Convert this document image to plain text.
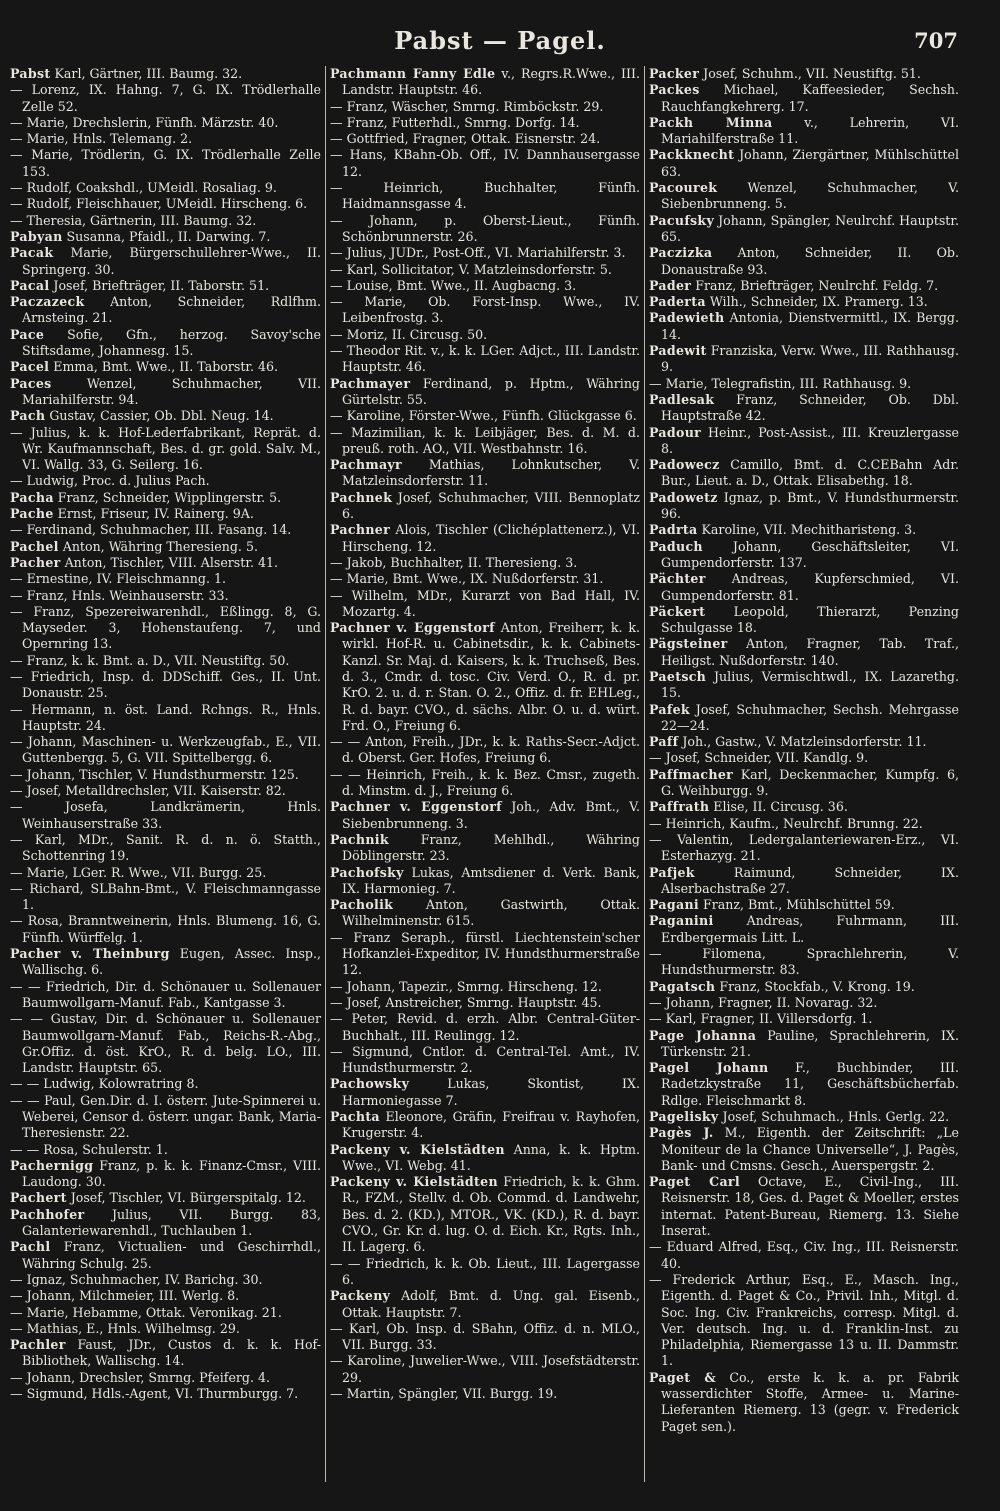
Pabst — Pagel.	707
Pabst Karl, Gärtner, III. Baumg. 32.
— Lorenz, IX. Hahng. 7, G. IX. Trödlerhalle Zelle 52.
— Marie, Drechslerin, Fünfh. Märzstr. 40.
— Marie, Hnls. Telemang. 2.
— Marie, Trödlerin, G. IX. Trödlerhalle Zelle 153.
— Rudolf, Coakshdl., UMeidl. Rosaliag. 9.
— Rudolf, Fleischhauer, UMeidl. Hirscheng. 6.
— Theresia, Gärtnerin, III. Baumg. 32.
Pabyan Susanna, Pfaidl., II. Darwing. 7.
Pacak Marie, Bürgerschullehrer-Wwe., II. Springerg. 30.
Pacal Josef, Briefträger, II. Taborstr. 51.
Paczazeck Anton, Schneider, Rdlfhm. Arnsteing. 21.
Pace Sofie, Gfn., herzog. Savoy'sche Stiftsdame, Johannesg. 15.
Pacel Emma, Bmt. Wwe., II. Taborstr. 46.
Paces Wenzel, Schuhmacher, VII. Mariahilferstr. 94.
Pach Gustav, Cassier, Ob. Dbl. Neug. 14.
— Julius, k. k. Hof-Lederfabrikant, Reprät. d. Wr. Kaufmannschaft, Bes. d. gr. gold. Salv. M., VI. Wallg. 33, G. Seilerg. 16.
— Ludwig, Proc. d. Julius Pach.
Pacha Franz, Schneider, Wipplingerstr. 5.
Pache Ernst, Friseur, IV. Rainerg. 9A.
— Ferdinand, Schuhmacher, III. Fasang. 14.
Pachel Anton, Währing Theresieng. 5.
Pacher Anton, Tischler, VIII. Alserstr. 41.
— Ernestine, IV. Fleischmanng. 1.
— Franz, Hnls. Weinhauserstr. 33.
— Franz, Spezereiwarenhdl., Eßlingg. 8, G. Mayseder. 3, Hohenstaufeng. 7, und Opernring 13.
— Franz, k. k. Bmt. a. D., VII. Neustiftg. 50.
— Friedrich, Insp. d. DDSchiff. Ges., II. Unt. Donaustr. 25.
— Hermann, n. öst. Land. Rchngs. R., Hnls. Hauptstr. 24.
— Johann, Maschinen- u. Werkzeugfab., E., VII. Guttenbergg. 5, G. VII. Spittelbergg. 6.
— Johann, Tischler, V. Hundsthurmerstr. 125.
— Josef, Metalldrechsler, VII. Kaiserstr. 82.
— Josefa, Landkrämerin, Hnls. Weinhauserstraße 33.
— Karl, MDr., Sanit. R. d. n. ö. Statth., Schottenring 19.
— Marie, LGer. R. Wwe., VII. Burgg. 25.
— Richard, SLBahn-Bmt., V. Fleischmanngasse 1.
— Rosa, Branntweinerin, Hnls. Blumeng. 16, G. Fünfh. Würffelg. 1.
Pacher v. Theinburg Eugen, Assec. Insp., Wallischg. 6.
— — Friedrich, Dir. d. Schönauer u. Sollenauer Baumwollgarn-Manuf. Fab., Kantgasse 3.
— — Gustav, Dir. d. Schönauer u. Sollenauer Baumwollgarn-Manuf. Fab., Reichs-R.-Abg., Gr.Offiz. d. öst. KrO., R. d. belg. LO., III. Landstr. Hauptstr. 65.
— — Ludwig, Kolowratring 8.
— — Paul, Gen.Dir. d. I. österr. Jute-Spinnerei u. Weberei, Censor d. österr. ungar. Bank, Maria-Theresienstr. 22.
— — Rosa, Schulerstr. 1.
Pachernigg Franz, p. k. k. Finanz-Cmsr., VIII. Laudong. 30.
Pachert Josef, Tischler, VI. Bürgerspitalg. 12.
Pachhofer Julius, VII. Burgg. 83, Galanteriewarenhdl., Tuchlauben 1.
Pachl Franz, Victualien- und Geschirrhdl., Währing Schulg. 25.
— Ignaz, Schuhmacher, IV. Barichg. 30.
— Johann, Milchmeier, III. Werlg. 8.
— Marie, Hebamme, Ottak. Veronikag. 21.
— Mathias, E., Hnls. Wilhelmsg. 29.
Pachler Faust, JDr., Custos d. k. k. Hof-Bibliothek, Wallischg. 14.
— Johann, Drechsler, Smrng. Pfeiferg. 4.
— Sigmund, Hdls.-Agent, VI. Thurmburgg. 7.
Pachmann Fanny Edle v., Regrs.R.Wwe., III. Landstr. Hauptstr. 46.
— Franz, Wäscher, Smrng. Rimböckstr. 29.
— Franz, Futterhdl., Smrng. Dorfg. 14.
— Gottfried, Fragner, Ottak. Eisnerstr. 24.
— Hans, KBahn-Ob. Off., IV. Dannhausergasse 12.
— Heinrich, Buchhalter, Fünfh. Haidmannsgasse 4.
— Johann, p. Oberst-Lieut., Fünfh. Schönbrunnerstr. 26.
— Julius, JUDr., Post-Off., VI. Mariahilferstr. 3.
— Karl, Sollicitator, V. Matzleinsdorferstr. 5.
— Louise, Bmt. Wwe., II. Augbacng. 3.
— Marie, Ob. Forst-Insp. Wwe., IV. Leibenfrostg. 3.
— Moriz, II. Circusg. 50.
— Theodor Rit. v., k. k. LGer. Adjct., III. Landstr. Hauptstr. 46.
Pachmayer Ferdinand, p. Hptm., Währing Gürtelstr. 55.
— Karoline, Förster-Wwe., Fünfh. Glückgasse 6.
— Mazimilian, k. k. Leibjäger, Bes. d. M. d. preuß. roth. AO., VII. Westbahnstr. 16.
Pachmayr Mathias, Lohnkutscher, V. Matzleinsdorferstr. 11.
Pachnek Josef, Schuhmacher, VIII. Bennoplatz 6.
Pachner Alois, Tischler (Clichéplattenerz.), VI. Hirscheng. 12.
— Jakob, Buchhalter, II. Theresieng. 3.
— Marie, Bmt. Wwe., IX. Nußdorferstr. 31.
— Wilhelm, MDr., Kurarzt von Bad Hall, IV. Mozartg. 4.
Pachner v. Eggenstorf Anton, Freiherr, k. k. wirkl. Hof-R. u. Cabinetsdir., k. k. Cabinets-Kanzl. Sr. Maj. d. Kaisers, k. k. Truchseß, Bes. d. 3., Cmdr. d. tosc. Civ. Verd. O., R. d. pr. KrO. 2. u. d. r. Stan. O. 2., Offiz. d. fr. EHLeg., R. d. bayr. CVO., d. sächs. Albr. O. u. d. würt. Frd. O., Freiung 6.
— — Anton, Freih., JDr., k. k. Raths-Secr.-Adjct. d. Oberst. Ger. Hofes, Freiung 6.
— — Heinrich, Freih., k. k. Bez. Cmsr., zugeth. d. Minstm. d. J., Freiung 6.
Pachner v. Eggenstorf Joh., Adv. Bmt., V. Siebenbrunneng. 3.
Pachnik Franz, Mehlhdl., Währing Döblingerstr. 23.
Pachofsky Lukas, Amtsdiener d. Verk. Bank, IX. Harmonieg. 7.
Pacholik Anton, Gastwirth, Ottak. Wilhelminenstr. 615.
— Franz Seraph., fürstl. Liechtenstein'scher Hofkanzlei-Expeditor, IV. Hundsthurmerstraße 12.
— Johann, Tapezir., Smrng. Hirscheng. 12.
— Josef, Anstreicher, Smrng. Hauptstr. 45.
— Peter, Revid. d. erzh. Albr. Central-Güter-Buchhalt., III. Reulingg. 12.
— Sigmund, Cntlor. d. Central-Tel. Amt., IV. Hundsthurmerstr. 2.
Pachowsky Lukas, Skontist, IX. Harmoniegasse 7.
Pachta Eleonore, Gräfin, Freifrau v. Rayhofen, Krugerstr. 4.
Packeny v. Kielstädten Anna, k. k. Hptm. Wwe., VI. Webg. 41.
Packeny v. Kielstädten Friedrich, k. k. Ghm. R., FZM., Stellv. d. Ob. Commd. d. Landwehr, Bes. d. 2. (KD.), MTOR., VK. (KD.), R. d. bayr. CVO., Gr. Kr. d. lug. O. d. Eich. Kr., Rgts. Inh., II. Lagerg. 6.
— — Friedrich, k. k. Ob. Lieut., III. Lagergasse 6.
Packeny Adolf, Bmt. d. Ung. gal. Eisenb., Ottak. Hauptstr. 7.
— Karl, Ob. Insp. d. SBahn, Offiz. d. n. MLO., VII. Burgg. 33.
— Karoline, Juwelier-Wwe., VIII. Josefstädterstr. 29.
— Martin, Spängler, VII. Burgg. 19.
Packer Josef, Schuhm., VII. Neustiftg. 51.
Packes Michael, Kaffeesieder, Sechsh. Rauchfangkehrerg. 17.
Packh Minna v., Lehrerin, VI. Mariahilferstraße 11.
Packknecht Johann, Ziergärtner, Mühlschüttel 63.
Pacourek Wenzel, Schuhmacher, V. Siebenbrunneng. 5.
Pacufsky Johann, Spängler, Neulrchf. Hauptstr. 65.
Paczizka Anton, Schneider, II. Ob. Donaustraße 93.
Pader Franz, Briefträger, Neulrchf. Feldg. 7.
Paderta Wilh., Schneider, IX. Pramerg. 13.
Padewieth Antonia, Dienstvermittl., IX. Bergg. 14.
Padewit Franziska, Verw. Wwe., III. Rathhausg. 9.
— Marie, Telegrafistin, III. Rathhausg. 9.
Padlesak Franz, Schneider, Ob. Dbl. Hauptstraße 42.
Padour Heinr., Post-Assist., III. Kreuzlergasse 8.
Padowecz Camillo, Bmt. d. C.CEBahn Adr. Bur., Lieut. a. D., Ottak. Elisabethg. 18.
Padowetz Ignaz, p. Bmt., V. Hundsthurmerstr. 96.
Padrta Karoline, VII. Mechitharisteng. 3.
Paduch Johann, Geschäftsleiter, VI. Gumpendorferstr. 137.
Pächter Andreas, Kupferschmied, VI. Gumpendorferstr. 81.
Päckert Leopold, Thierarzt, Penzing Schulgasse 18.
Pägsteiner Anton, Fragner, Tab. Traf., Heiligst. Nußdorferstr. 140.
Paetsch Julius, Vermischtwdl., IX. Lazarethg. 15.
Pafek Josef, Schuhmacher, Sechsh. Mehrgasse 22—24.
Paff Joh., Gastw., V. Matzleinsdorferstr. 11.
— Josef, Schneider, VII. Kandlg. 9.
Paffmacher Karl, Deckenmacher, Kumpfg. 6, G. Weihburgg. 9.
Paffrath Elise, II. Circusg. 36.
— Heinrich, Kaufm., Neulrchf. Brunng. 22.
— Valentin, Ledergalanteriewaren-Erz., VI. Esterhazyg. 21.
Pafjek Raimund, Schneider, IX. Alserbachstraße 27.
Pagani Franz, Bmt., Mühlschüttel 59.
Paganini Andreas, Fuhrmann, III. Erdbergermais Litt. L.
— Filomena, Sprachlehrerin, V. Hundsthurmerstr. 83.
Pagatsch Franz, Stockfab., V. Krong. 19.
— Johann, Fragner, II. Novarag. 32.
— Karl, Fragner, II. Villersdorfg. 1.
Page Johanna Pauline, Sprachlehrerin, IX. Türkenstr. 21.
Pagel Johann F., Buchbinder, III. Radetzkystraße 11, Geschäftsbücherfab. Rdlge. Fleischmarkt 8.
Pagelisky Josef, Schuhmach., Hnls. Gerlg. 22.
Pagès J. M., Eigenth. der Zeitschrift: „Le Moniteur de la Chance Universelle“, J. Pagès, Bank- und Cmsns. Gesch., Auerspergstr. 2.
Paget Carl Octave, E., Civil-Ing., III. Reisnerstr. 18, Ges. d. Paget & Moeller, erstes internat. Patent-Bureau, Riemerg. 13. Siehe Inserat.
— Eduard Alfred, Esq., Civ. Ing., III. Reisnerstr. 40.
— Frederick Arthur, Esq., E., Masch. Ing., Eigenth. d. Paget & Co., Privil. Inh., Mitgl. d. Soc. Ing. Civ. Frankreichs, corresp. Mitgl. d. Ver. deutsch. Ing. u. d. Franklin-Inst. zu Philadelphia, Riemergasse 13 u. II. Dammstr. 1.
Paget & Co., erste k. k. a. pr. Fabrik wasserdichter Stoffe, Armee- u. Marine-Lieferanten Riemerg. 13 (gegr. v. Frederick Paget sen.).
